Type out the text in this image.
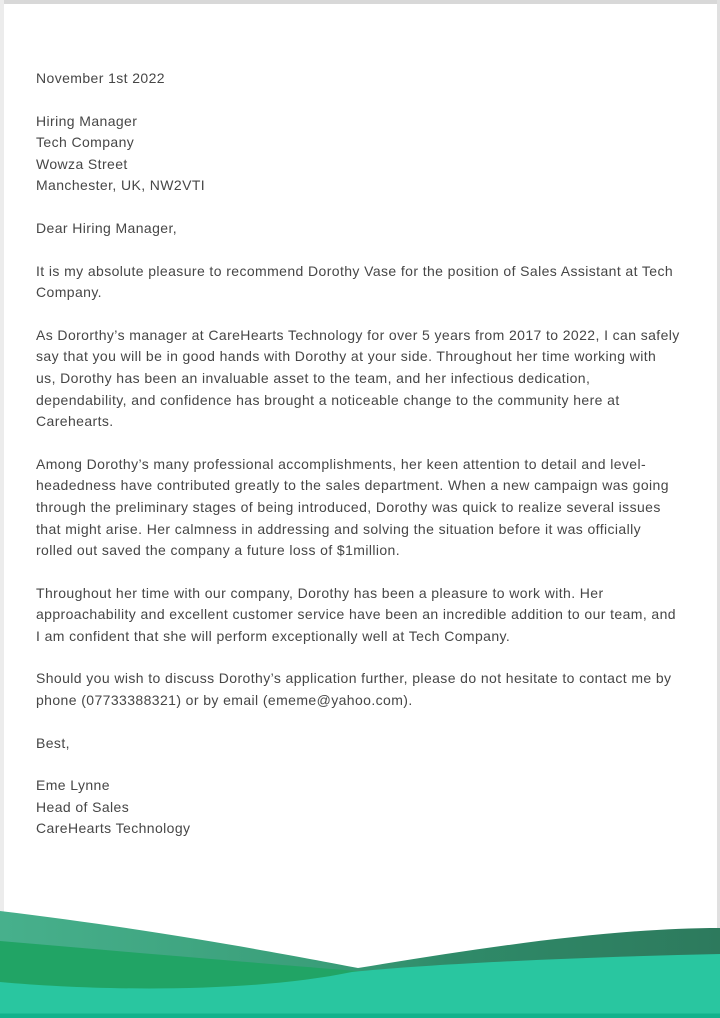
November 1st 2022
Hiring Manager
Tech Company
Wowza Street
Manchester, UK, NW2VTI
Dear Hiring Manager,

It is my absolute pleasure to recommend Dorothy Vase for the position of Sales Assistant at Tech Company.

As Dororthy’s manager at CareHearts Technology for over 5 years from 2017 to 2022, I can safely say that you will be in good hands with Dorothy at your side. Throughout her time working with us, Dorothy has been an invaluable asset to the team, and her infectious dedication, dependability, and confidence has brought a noticeable change to the community here at Carehearts.

Among Dorothy’s many professional accomplishments, her keen attention to detail and level-headedness have contributed greatly to the sales department. When a new campaign was going through the preliminary stages of being introduced, Dorothy was quick to realize several issues that might arise. Her calmness in addressing and solving the situation before it was officially rolled out saved the company a future loss of $1million.

Throughout her time with our company, Dorothy has been a pleasure to work with. Her approachability and excellent customer service have been an incredible addition to our team, and I am confident that she will perform exceptionally well at Tech Company.

Should you wish to discuss Dorothy’s application further, please do not hesitate to contact me by phone (07733388321) or by email (ememe@yahoo.com).

Best,
Eme Lynne
Head of Sales
CareHearts Technology
